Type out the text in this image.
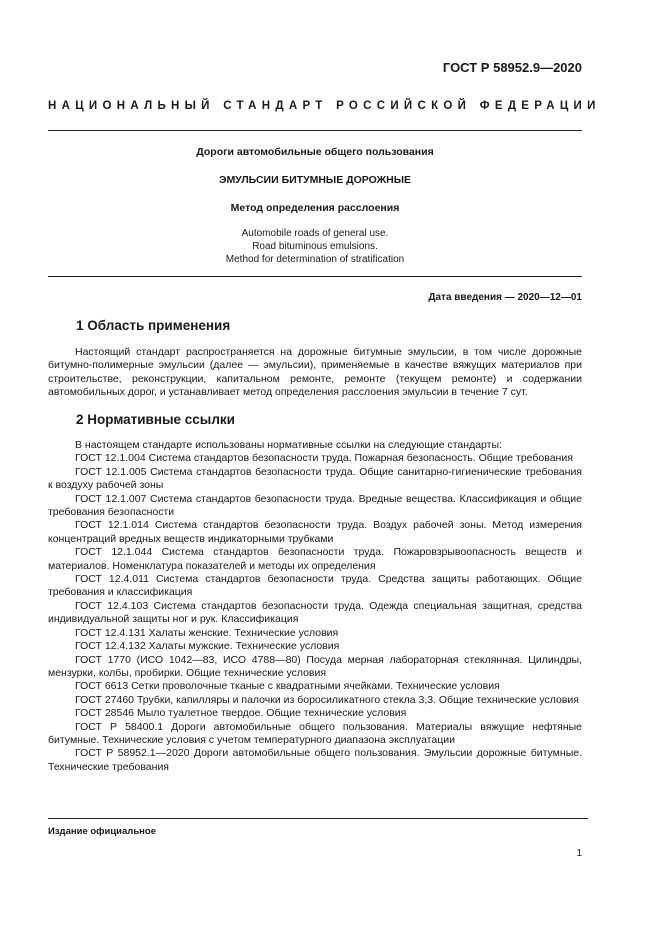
ГОСТ Р 58952.9—2020
НАЦИОНАЛЬНЫЙ СТАНДАРТ РОССИЙСКОЙ ФЕДЕРАЦИИ

Дороги автомобильные общего пользования

ЭМУЛЬСИИ БИТУМНЫЕ ДОРОЖНЫЕ

Метод определения расслоения

Automobile roads of general use.
Road bituminous emulsions.
Method for determination of stratification
Дата введения — 2020—12—01
1 Область применения

Настоящий стандарт распространяется на дорожные битумные эмульсии, в том числе дорожные битумно-полимерные эмульсии (далее — эмульсии), применяемые в качестве вяжущих материалов при строительстве, реконструкции, капитальном ремонте, ремонте (текущем ремонте) и содержании автомобильных дорог, и устанавливает метод определения расслоения эмульсии в течение 7 сут.

2 Нормативные ссылки

В настоящем стандарте использованы нормативные ссылки на следующие стандарты:

ГОСТ 12.1.004 Система стандартов безопасности труда. Пожарная безопасность. Общие требования

ГОСТ 12.1.005 Система стандартов безопасности труда. Общие санитарно-гигиенические требования к воздуху рабочей зоны

ГОСТ 12.1.007 Система стандартов безопасности труда. Вредные вещества. Классификация и общие требования безопасности

ГОСТ 12.1.014 Система стандартов безопасности труда. Воздух рабочей зоны. Метод измерения концентраций вредных веществ индикаторными трубками

ГОСТ 12.1.044 Система стандартов безопасности труда. Пожаровзрывоопасность веществ и материалов. Номенклатура показателей и методы их определения

ГОСТ 12.4.011 Система стандартов безопасности труда. Средства защиты работающих. Общие требования и классификация

ГОСТ 12.4.103 Система стандартов безопасности труда. Одежда специальная защитная, средства индивидуальной защиты ног и рук. Классификация

ГОСТ 12.4.131 Халаты женские. Технические условия

ГОСТ 12.4.132 Халаты мужские. Технические условия

ГОСТ 1770 (ИСО 1042—83, ИСО 4788—80) Посуда мерная лабораторная стеклянная. Цилиндры, мензурки, колбы, пробирки. Общие технические условия

ГОСТ 6613 Сетки проволочные тканые с квадратными ячейками. Технические условия

ГОСТ 27460 Трубки, капилляры и палочки из боросиликатного стекла 3,3. Общие технические условия

ГОСТ 28546 Мыло туалетное твердое. Общие технические условия

ГОСТ Р 58400.1 Дороги автомобильные общего пользования. Материалы вяжущие нефтяные битумные. Технические условия с учетом температурного диапазона эксплуатации

ГОСТ Р 58952.1—2020 Дороги автомобильные общего пользования. Эмульсии дорожные битумные. Технические требования

Издание официальное
1
